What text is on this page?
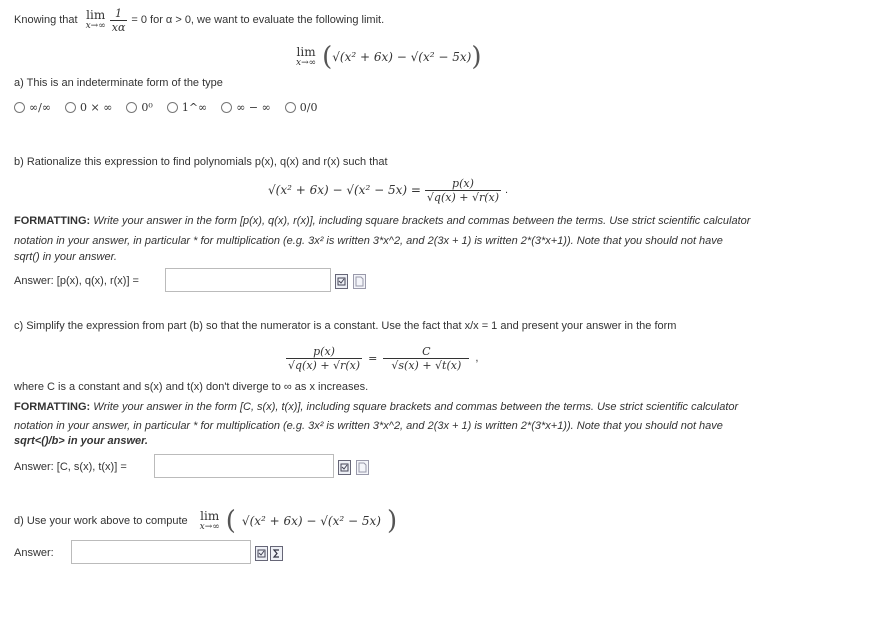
Knowing that lim
$x\to\infty \frac{1}{x\alpha} = 0$ for α > 0, we want to evaluate the following limit.
lim
x→∞ ( √(x² + 6x) − √(x² − 5x) )
a) This is an indeterminate form of the type
∞/∞	0 × ∞	0⁰	1^∞	∞ − ∞	0/0
b) Rationalize this expression to find polynomials p(x), q(x) and r(x) such that
$√(x^2 + 6x) - √(x^2 - 5x) = \frac{p(x)}{√q(x) + √r(x)}$ .
FORMATTING: Write your answer in the form [p(x), q(x), r(x)], including square brackets and commas between the terms. Use strict scientific calculator
notation in your answer, in particular * for multiplication (e.g. 3x² is written 3*x^2, and 2(3x + 1) is written 2*(3*x+1)). Note that you should not have
sqrt() in your answer.
Answer: [p(x), q(x), r(x)] =
c) Simplify the expression from part (b) so that the numerator is a constant. Use the fact that x/x = 1 and present your answer in the form
$\frac{p(x)}{√q(x) + √r(x)} = \frac{C}{√s(x) + √t(x)}$ ,
where C is a constant and s(x) and t(x) don't diverge to ∞ as x increases.
FORMATTING: Write your answer in the form [C, s(x), t(x)], including square brackets and commas between the terms. Use strict scientific calculator
notation in your answer, in particular * for multiplication (e.g. 3x² is written 3*x^2, and 2(3x + 1) is written 2*(3*x+1)). Note that you should not have
sqrt<()/b> in your answer.
Answer: [C, s(x), t(x)] =
d) Use your work above to compute lim
x→∞ ( √(x² + 6x) − √(x² − 5x) )
Answer:
